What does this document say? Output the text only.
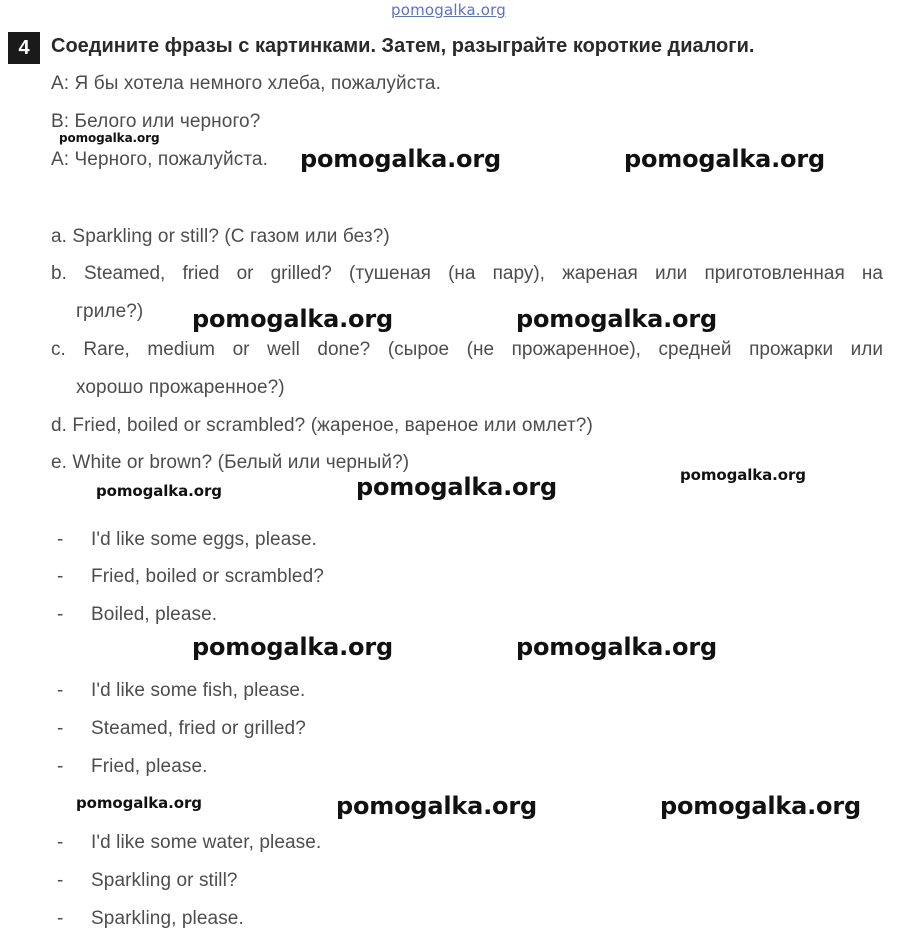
pomogalka.org
4	Соедините фразы с картинками. Затем, разыграйте короткие диалоги.
A: Я бы хотела немного хлеба, пожалуйста.
B: Белого или черного?
A: Черного, пожалуйста.
a. Sparkling or still? (С газом или без?)
b. Steamed, fried or grilled? (тушеная (на пару), жареная или приготовленная на
гриле?)
c. Rare, medium or well done? (сырое (не прожаренное), средней прожарки или
хорошо прожаренное?)
d. Fried, boiled or scrambled? (жареное, вареное или омлет?)
e. White or brown? (Белый или черный?)
- I'd like some eggs, please.
- Fried, boiled or scrambled?
- Boiled, please.
- I'd like some fish, please.
- Steamed, fried or grilled?
- Fried, please.
- I'd like some water, please.
- Sparkling or still?
- Sparkling, please.
pomogalka.org
pomogalka.org	pomogalka.org
pomogalka.org	pomogalka.org
pomogalka.org
pomogalka.org	pomogalka.org
pomogalka.org	pomogalka.org
pomogalka.org	pomogalka.org	pomogalka.org
